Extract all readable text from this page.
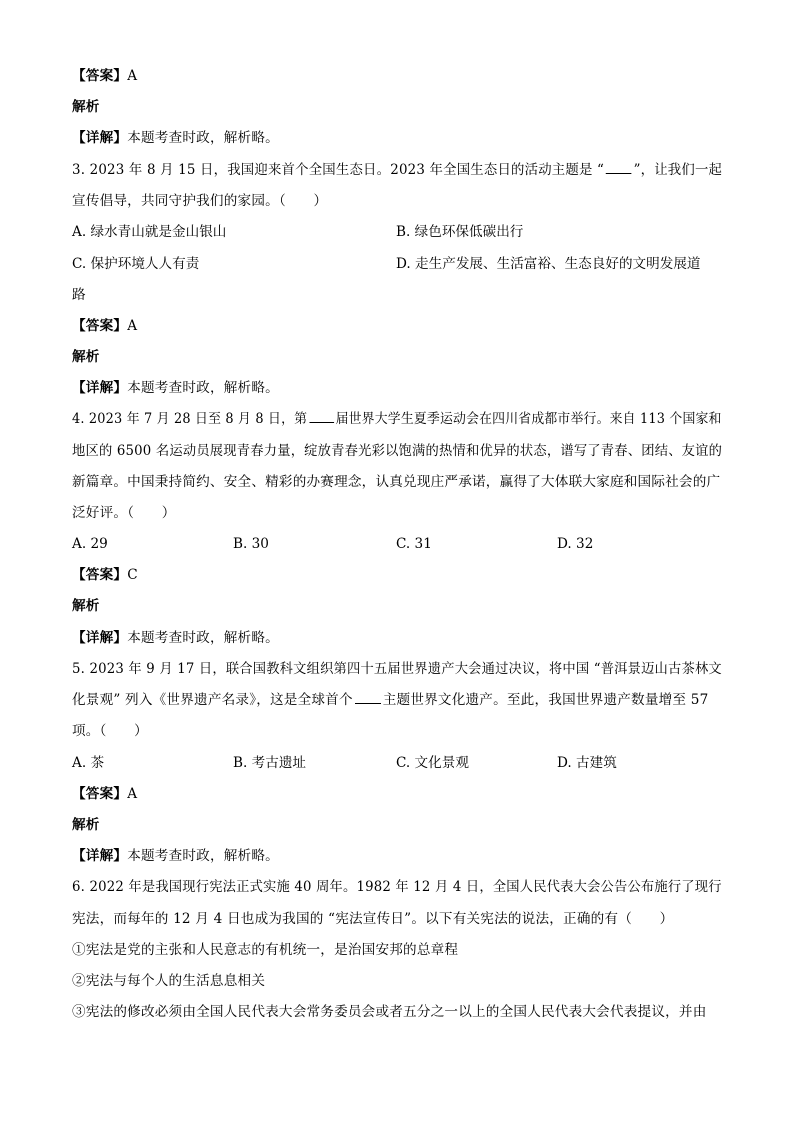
【答案】A
解析
【详解】本题考查时政，解析略。
3. 2023 年 8 月 15 日，我国迎来首个全国生态日。2023 年全国生态日的活动主题是 “ ”，让我们一起
宣传倡导，共同守护我们的家园。（　　）
A. 绿水青山就是金山银山	B. 绿色环保低碳出行
C. 保护环境人人有责	D. 走生产发展、生活富裕、生态良好的文明发展道
路
【答案】A
解析
【详解】本题考查时政，解析略。
4. 2023 年 7 月 28 日至 8 月 8 日，第 届世界大学生夏季运动会在四川省成都市举行。来自 113 个国家和
地区的 6500 名运动员展现青春力量，绽放青春光彩以饱满的热情和优异的状态，谱写了青春、团结、友谊的
新篇章。中国秉持简约、安全、精彩的办赛理念，认真兑现庄严承诺，赢得了大体联大家庭和国际社会的广
泛好评。（　　）
A. 29	B. 30	C. 31	D. 32
【答案】C
解析
【详解】本题考查时政，解析略。
5. 2023 年 9 月 17 日，联合国教科文组织第四十五届世界遗产大会通过决议，将中国 “普洱景迈山古茶林文
化景观” 列入《世界遗产名录》，这是全球首个 主题世界文化遗产。至此，我国世界遗产数量增至 57
项。（　　）
A. 茶	B. 考古遗址	C. 文化景观	D. 古建筑
【答案】A
解析
【详解】本题考查时政，解析略。
6. 2022 年是我国现行宪法正式实施 40 周年。1982 年 12 月 4 日，全国人民代表大会公告公布施行了现行
宪法，而每年的 12 月 4 日也成为我国的 “宪法宣传日”。以下有关宪法的说法，正确的有（　　）
①宪法是党的主张和人民意志的有机统一，是治国安邦的总章程
②宪法与每个人的生活息息相关
③宪法的修改必须由全国人民代表大会常务委员会或者五分之一以上的全国人民代表大会代表提议，并由
